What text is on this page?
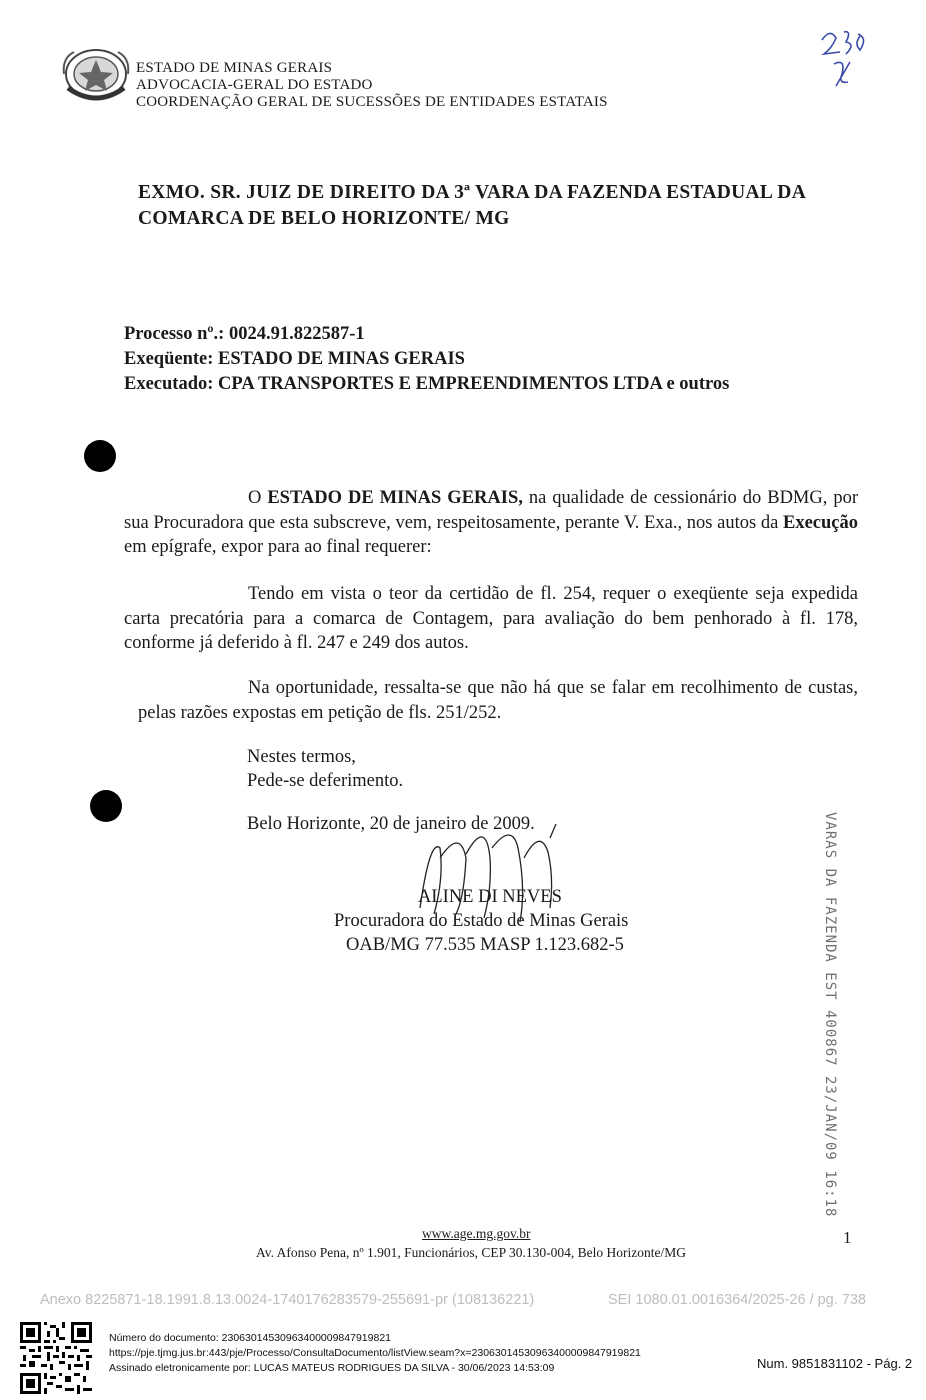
ESTADO DE MINAS GERAIS
ADVOCACIA-GERAL DO ESTADO
COORDENAÇÃO GERAL DE SUCESSÕES DE ENTIDADES ESTATAIS
256
EXMO. SR. JUIZ DE DIREITO DA 3ª VARA DA FAZENDA ESTADUAL DA
COMARCA DE BELO HORIZONTE/ MG
Processo nº.: 0024.91.822587-1
Exeqüente: ESTADO DE MINAS GERAIS
Executado: CPA TRANSPORTES E EMPREENDIMENTOS LTDA e outros
O ESTADO DE MINAS GERAIS, na qualidade de cessionário do BDMG, por sua Procuradora que esta subscreve, vem, respeitosamente, perante V. Exa., nos autos da Execução em epígrafe, expor para ao final requerer:
Tendo em vista o teor da certidão de fl. 254, requer o exeqüente seja expedida carta precatória para a comarca de Contagem, para avaliação do bem penhorado à fl. 178, conforme já deferido à fl. 247 e 249 dos autos.
Na oportunidade, ressalta-se que não há que se falar em recolhimento de custas, pelas razões expostas em petição de fls. 251/252.
Nestes termos,
Pede-se deferimento.
Belo Horizonte, 20 de janeiro de 2009.
ALINE DI NEVES
Procuradora do Estado de Minas Gerais
OAB/MG 77.535 MASP 1.123.682-5	VARAS DA FAZENDA EST 400867 23/JAN/09 16:18
www.age.mg.gov.br
Av. Afonso Pena, nº 1.901, Funcionários, CEP 30.130-004, Belo Horizonte/MG
1
Anexo 8225871-18.1991.8.13.0024-1740176283579-255691-pr (108136221)	SEI 1080.01.0016364/2025-26 / pg. 738
Número do documento: 23063014530963400009847919821
https://pje.tjmg.jus.br:443/pje/Processo/ConsultaDocumento/listView.seam?x=23063014530963400009847919821
Assinado eletronicamente por: LUCAS MATEUS RODRIGUES DA SILVA - 30/06/2023 14:53:09	Num. 9851831102 - Pág. 2
